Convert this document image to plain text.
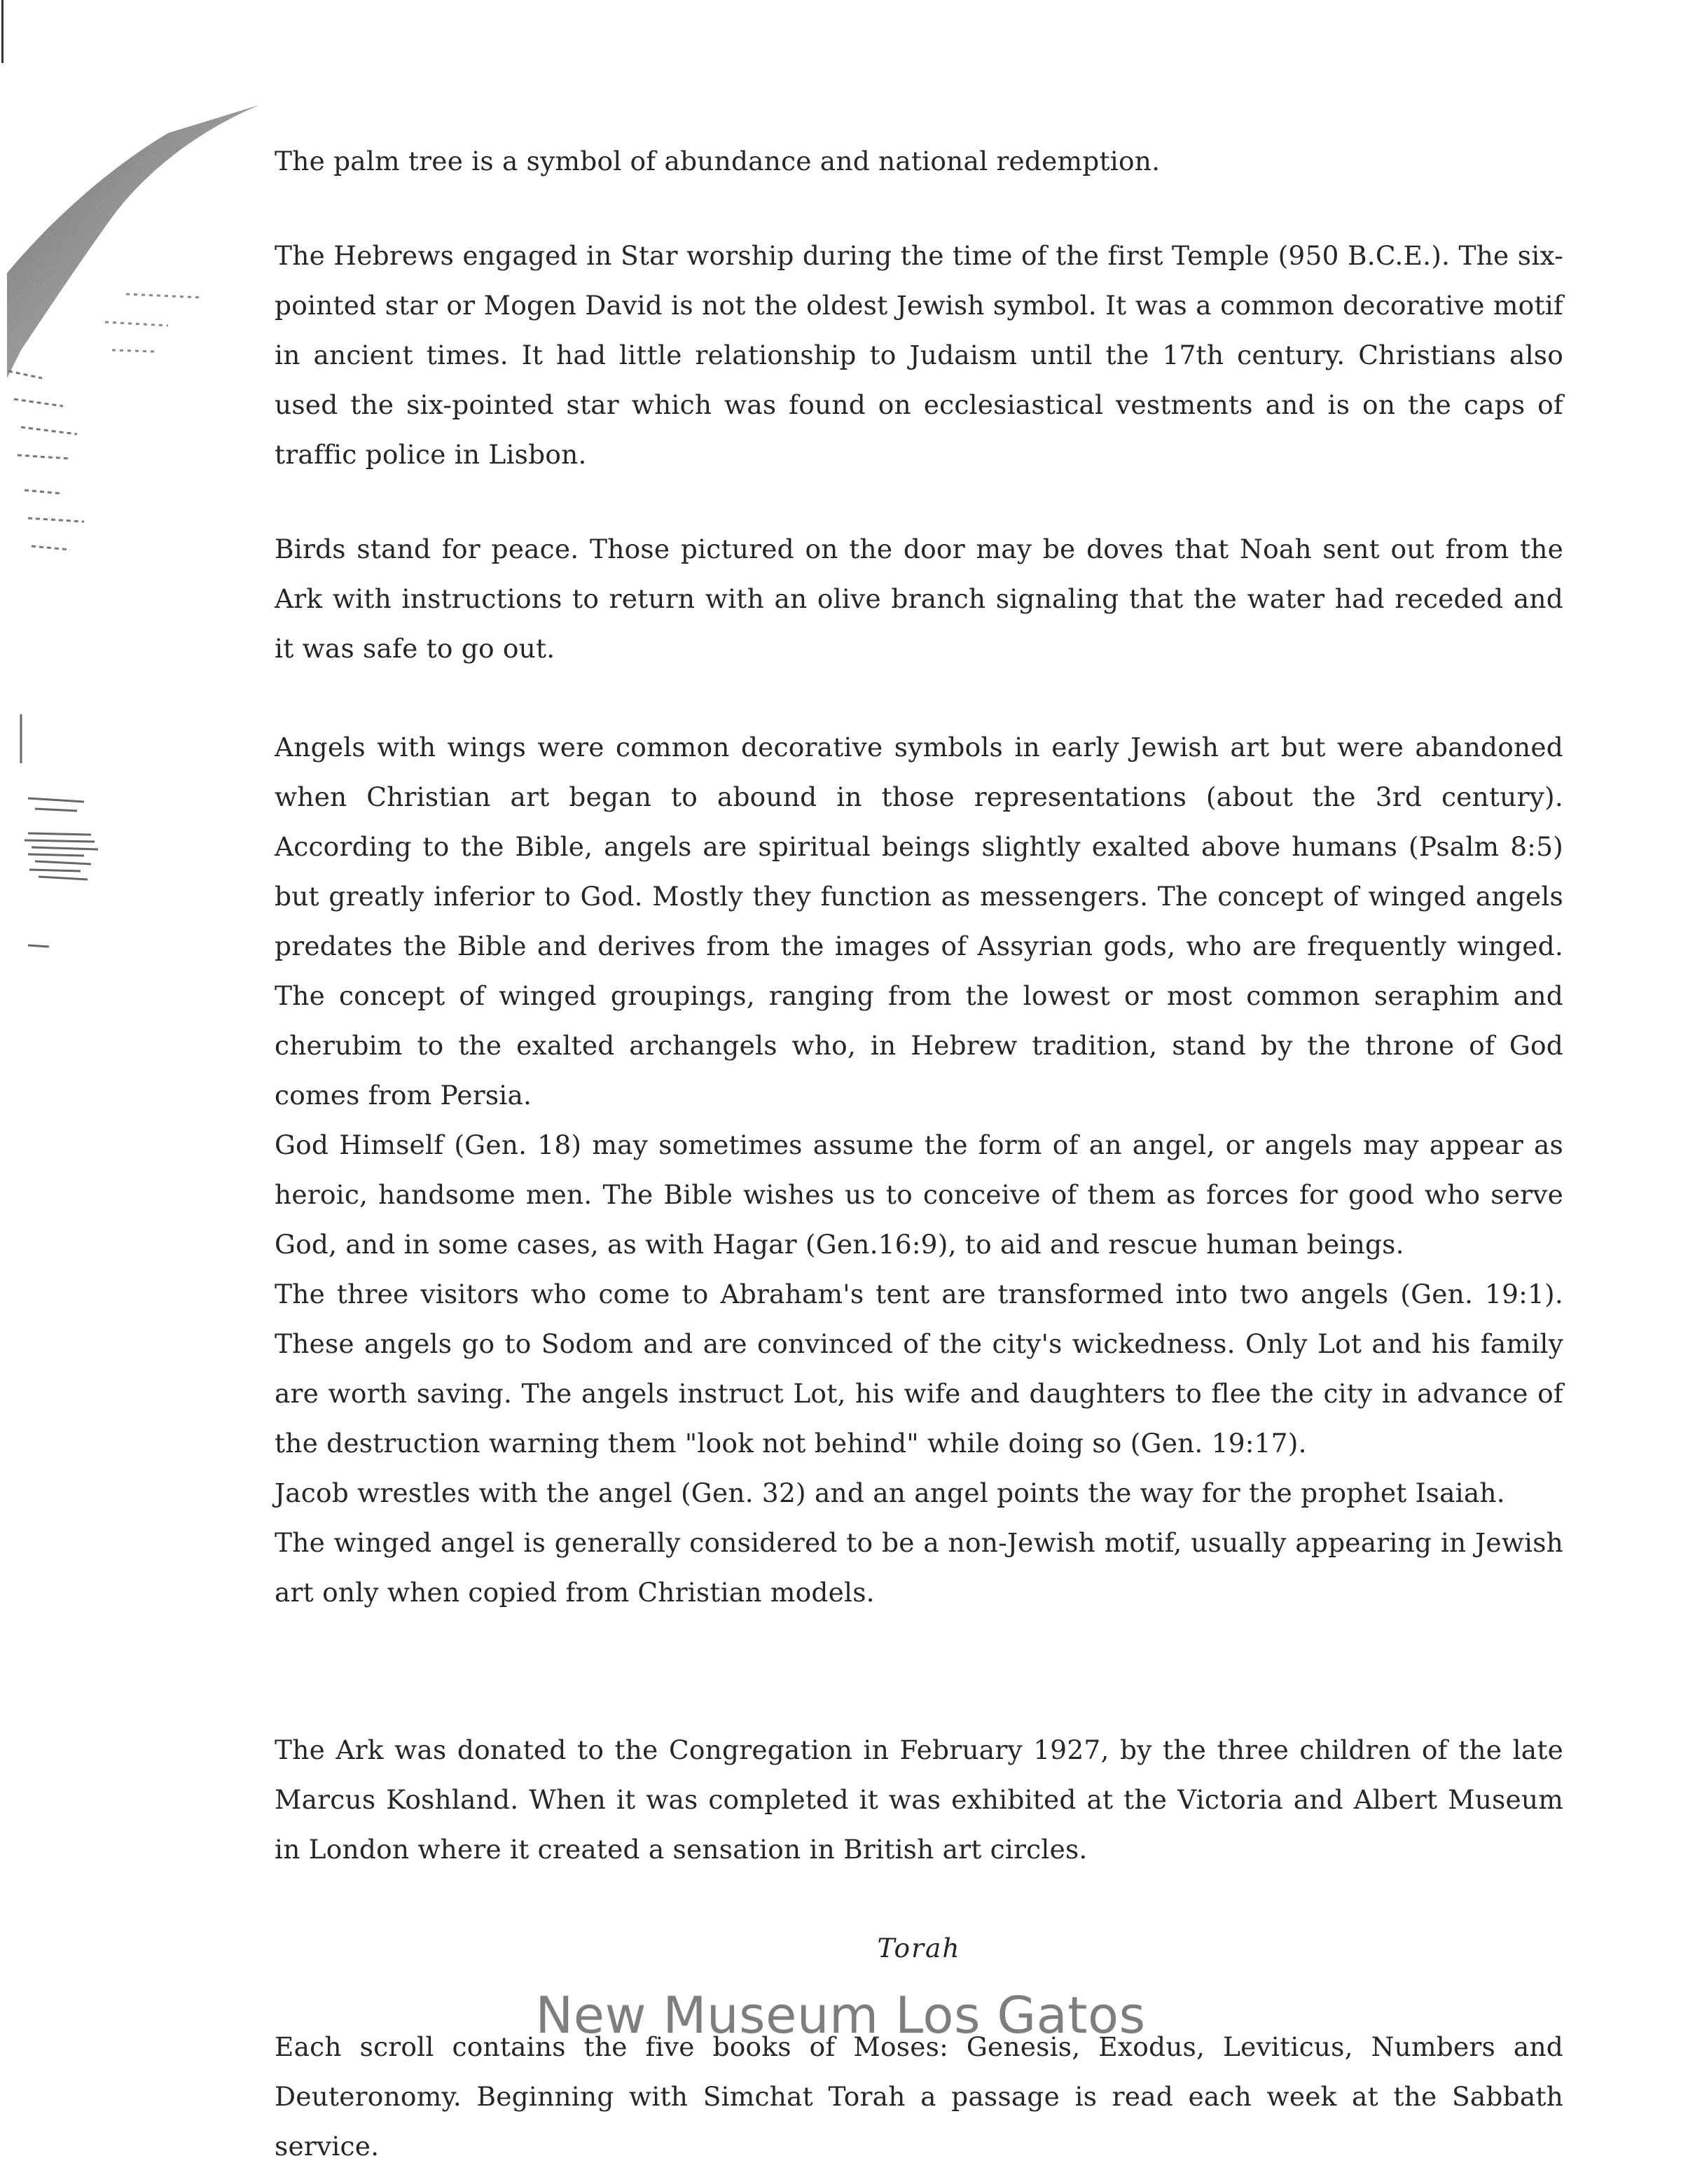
The palm tree is a symbol of abundance and national redemption.

The Hebrews engaged in Star worship during the time of the first Temple (950 B.C.E.). The six-pointed star or Mogen David is not the oldest Jewish symbol. It was a common decorative motif in ancient times. It had little relationship to Judaism until the 17th century. Christians also used the six-pointed star which was found on ecclesiastical vestments and is on the caps of traffic police in Lisbon.

Birds stand for peace. Those pictured on the door may be doves that Noah sent out from the Ark with instructions to return with an olive branch signaling that the water had receded and it was safe to go out.

Angels with wings were common decorative symbols in early Jewish art but were abandoned when Christian art began to abound in those representations (about the 3rd century). According to the Bible, angels are spiritual beings slightly exalted above humans (Psalm 8:5) but greatly inferior to God. Mostly they function as messengers. The concept of winged angels predates the Bible and derives from the images of Assyrian gods, who are frequently winged. The concept of winged groupings, ranging from the lowest or most common seraphim and cherubim to the exalted archangels who, in Hebrew tradition, stand by the throne of God comes from Persia.

God Himself (Gen. 18) may sometimes assume the form of an angel, or angels may appear as heroic, handsome men. The Bible wishes us to conceive of them as forces for good who serve God, and in some cases, as with Hagar (Gen.16:9), to aid and rescue human beings.

The three visitors who come to Abraham's tent are transformed into two angels (Gen. 19:1). These angels go to Sodom and are convinced of the city's wickedness. Only Lot and his family are worth saving. The angels instruct Lot, his wife and daughters to flee the city in advance of the destruction warning them "look not behind" while doing so (Gen. 19:17).

Jacob wrestles with the angel (Gen. 32) and an angel points the way for the prophet Isaiah.

The winged angel is generally considered to be a non-Jewish motif, usually appearing in Jewish art only when copied from Christian models.

The Ark was donated to the Congregation in February 1927, by the three children of the late Marcus Koshland. When it was completed it was exhibited at the Victoria and Albert Museum in London where it created a sensation in British art circles.

Torah

Each scroll contains the five books of Moses: Genesis, Exodus, Leviticus, Numbers and Deuteronomy. Beginning with Simchat Torah a passage is read each week at the Sabbath service.

New Museum Los Gatos
